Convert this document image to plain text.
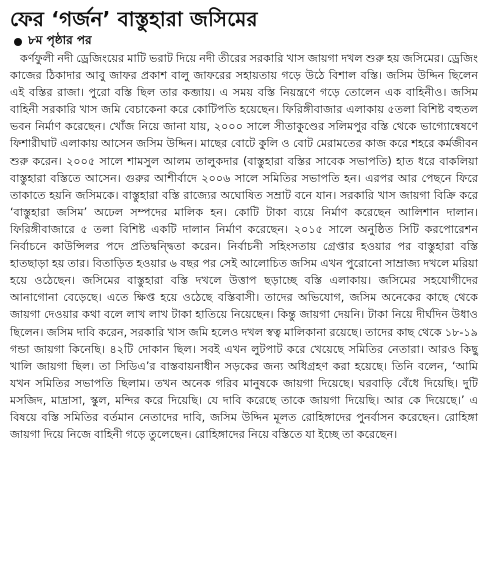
ফের ‘গর্জন’ বাস্তুহারা জসিমের
৮ম পৃষ্ঠার পর

কর্ণফুলী নদী ড্রেজিংয়ের মাটি ভরাট দিয়ে নদী তীরের সরকারি খাস জায়গা দখল শুরু হয় জসিমের। ড্রেজিং কাজের ঠিকাদার আবু জাফর প্রকাশ বালু জাফরের সহায়তায় গড়ে উঠে বিশাল বস্তি। জসিম উদ্দিন ছিলেন এই বস্তির রাজা। পুরো বস্তি ছিল তার কব্জায়। এ সময় বস্তি নিয়ন্ত্রণে গড়ে তোলেন এক বাহিনীও। জসিম বাহিনী সরকারি খাস জমি বেচাকেনা করে কোটিপতি হয়েছেন। ফিরিঙ্গীবাজার এলাকায় ৫তলা বিশিষ্ট বহুতল ভবন নির্মাণ করেছেন। খোঁজ নিয়ে জানা যায়, ২০০০ সালে সীতাকুণ্ডের সলিমপুর বস্তি থেকে ভাগ্যোন্বেষণে ফিশারীঘাট এলাকায় আসেন জসিম উদ্দিন। মাছের বোটে কুলি ও বোট মেরামতের কাজ করে শহরে কর্মজীবন শুরু করেন। ২০০৫ সালে শামসুল আলম তালুকদার (বাস্তুহারা বস্তির সাবেক সভাপতি) হাত ধরে বাকলিয়া বাস্তুহারা বস্তিতে আসেন। গুরুর আশীর্বাদে ২০০৬ সালে সমিতির সভাপতি হন। এরপর আর পেছনে ফিরে তাকাতে হয়নি জসিমকে। বাস্তুহারা বস্তি রাজ্যের অঘোষিত সম্রাট বনে যান। সরকারি খাস জায়গা বিক্রি করে ‘বাস্তুহারা জসিম’ অঢেল সম্পদের মালিক হন। কোটি টাকা ব্যয়ে নির্মাণ করেছেন আলিশান দালান। ফিরিঙ্গীবাজারে ৫ তলা বিশিষ্ট একটি দালান নির্মাণ করেছেন। ২০১৫ সালে অনুষ্ঠিত সিটি করপোরেশন নির্বাচনে কাউন্সিলর পদে প্রতিদ্বন্দ্বিতা করেন। নির্বাচনী সহিংসতায় গ্রেপ্তার হওয়ার পর বাস্তুহারা বস্তি হাতছাড়া হয় তার। বিতাড়িত হওয়ার ৬ বছর পর সেই আলোচিত জসিম এখন পুরোনো সাম্রাজ্য দখলে মরিয়া হয়ে ওঠেছেন। জসিমের বাস্তুহারা বস্তি দখলে উত্তাপ ছড়াচ্ছে বস্তি এলাকায়। জসিমের সহযোগীদের আনাগোনা বেড়েছে। এতে ক্ষিপ্ত হয়ে ওঠেছে বস্তিবাসী। তাদের অভিযোগ, জসিম অনেকের কাছে থেকে জায়গা দেওয়ার কথা বলে লাখ লাখ টাকা হাতিয়ে নিয়েছেন। কিন্তু জায়গা দেয়নি। টাকা নিয়ে দীর্ঘদিন উধাও ছিলেন। জসিম দাবি করেন, সরকারি খাস জমি হলেও দখল স্বত্ব মালিকানা রয়েছে। তাদের কাছ থেকে ১৮-১৯ গন্ডা জায়গা কিনেছি। ৪২টি দোকান ছিল। সবই এখন লুটপাট করে খেয়েছে সমিতির নেতারা। আরও কিছু খালি জায়গা ছিল। তা সিডিএ’র বাস্তবায়নাধীন সড়কের জন্য অধিগ্রহণ করা হয়েছে। তিনি বলেন, ‘আমি যখন সমিতির সভাপতি ছিলাম। তখন অনেক গরিব মানুষকে জায়গা দিয়েছে। ঘরবাড়ি বেঁধে দিয়েছি। দুটি মসজিদ, মাদ্রাসা, স্কুল, মন্দির করে দিয়েছি। যে দাবি করেছে তাকে জায়গা দিয়েছি। আর কে দিয়েছে।’ এ বিষয়ে বস্তি সমিতির বর্তমান নেতাদের দাবি, জসিম উদ্দিন মূলত রোহিঙ্গাদের পুনর্বাসন করেছেন। রোহিঙ্গা জায়গা দিয়ে নিজে বাহিনী গড়ে তুলেছেন। রোহিঙ্গাদের নিয়ে বস্তিতে যা ইচ্ছে তা করেছেন।
